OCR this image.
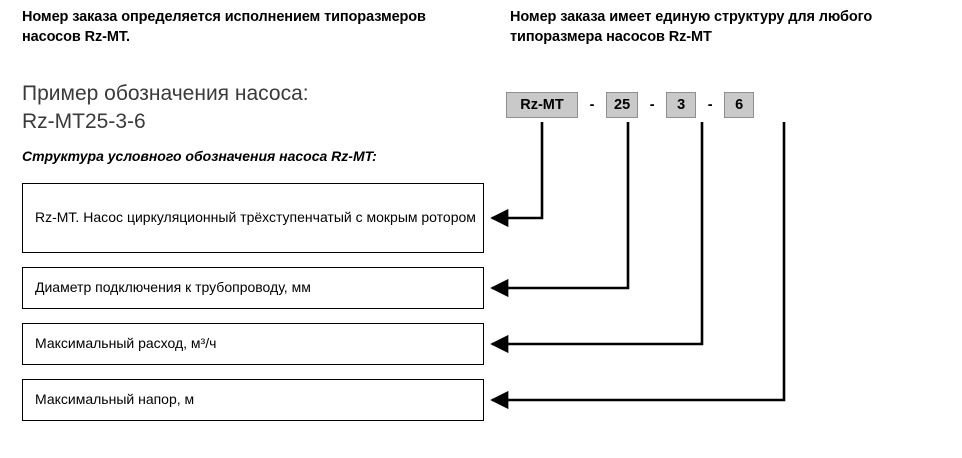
Номер заказа определяется исполнением типоразмеров насосов Rz-MT.
Номер заказа имеет единую структуру для любого типоразмера насосов Rz-MT
Пример обозначения насоса:
Rz-MT25-3-6
Структура условного обозначения насоса Rz-MT:
Rz-MT	-	25	-	3	-	6
Rz-MT. Насос циркуляционный трёхступенчатый с мокрым ротором
Диаметр подключения к трубопроводу, мм
Максимальный расход, м³/ч
Максимальный напор, м
